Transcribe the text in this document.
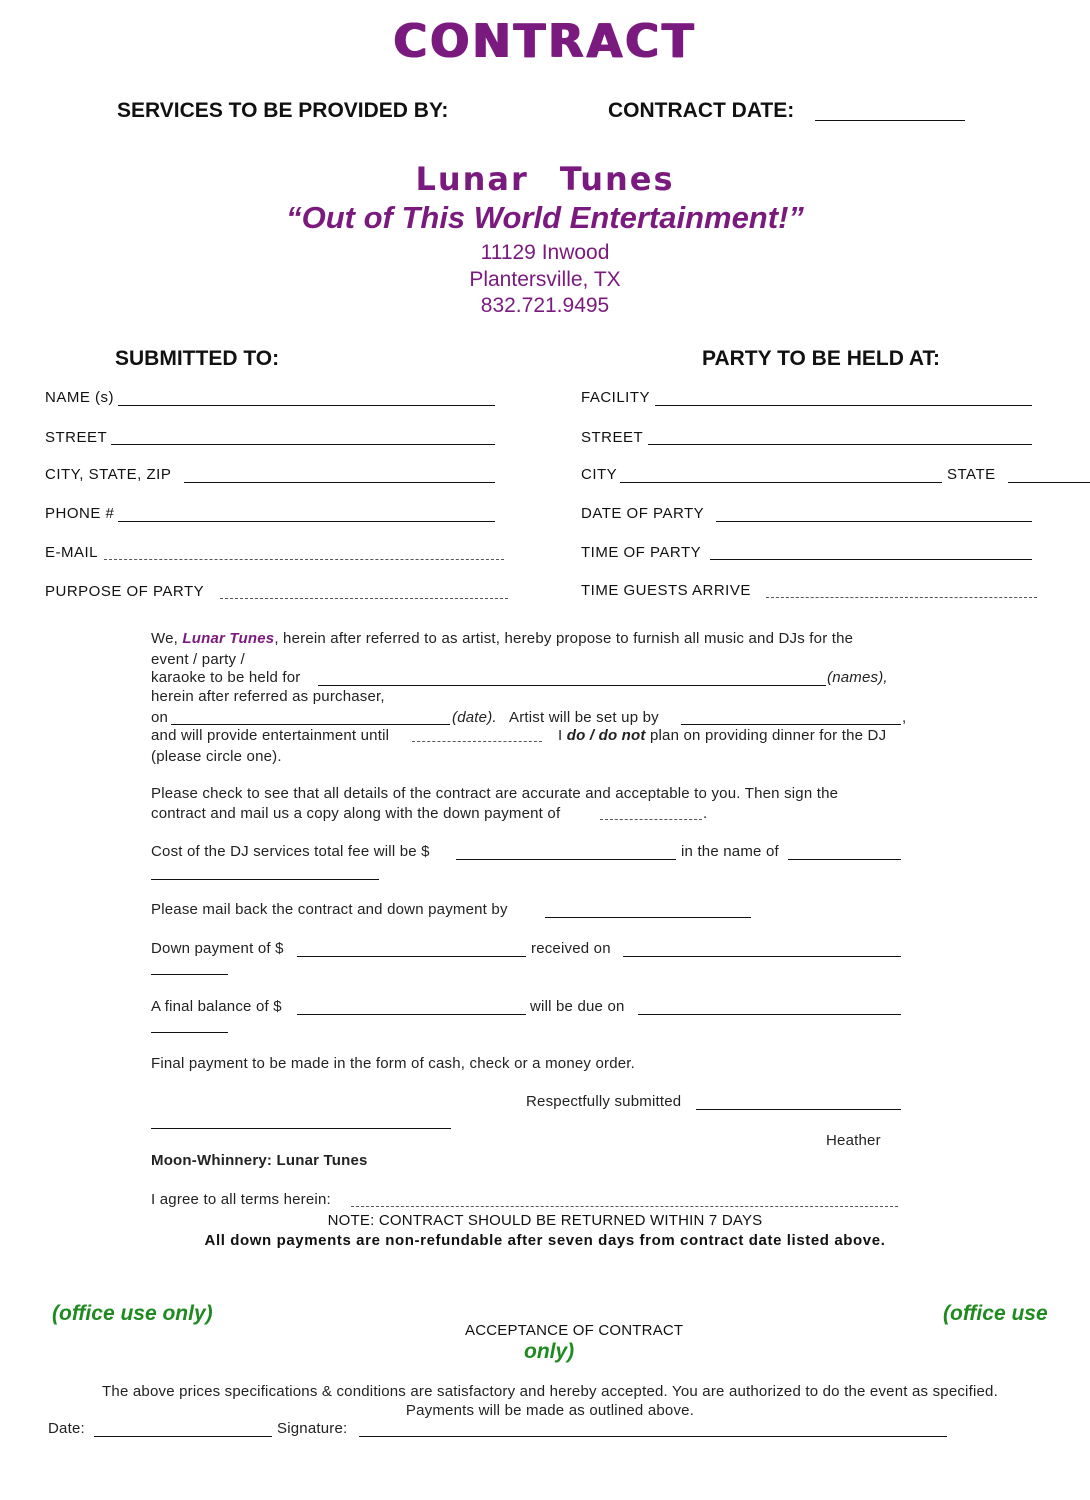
CONTRACT
SERVICES TO BE PROVIDED BY:	CONTRACT DATE:
Lunar Tunes
“Out of This World Entertainment!”
11129 Inwood
Plantersville, TX
832.721.9495
SUBMITTED TO:	PARTY TO BE HELD AT:
NAME (s)
STREET
CITY, STATE, ZIP
PHONE #
E-MAIL
PURPOSE OF PARTY
FACILITY
STREET
CITY	STATE
DATE OF PARTY
TIME OF PARTY
TIME GUESTS ARRIVE
We, Lunar Tunes, herein after referred to as artist, hereby propose to furnish all music and DJs for the
event / party /
karaoke to be held for	(names),
herein after referred as purchaser,
on	(date). Artist will be set up by	,
and will provide entertainment until	I do / do not plan on providing dinner for the DJ
(please circle one).
Please check to see that all details of the contract are accurate and acceptable to you. Then sign the
contract and mail us a copy along with the down payment of	.
Cost of the DJ services total fee will be $	in the name of
Please mail back the contract and down payment by
Down payment of $	received on
A final balance of $	will be due on
Final payment to be made in the form of cash, check or a money order.
Respectfully submitted
Heather
Moon-Whinnery: Lunar Tunes
I agree to all terms herein:
NOTE: CONTRACT SHOULD BE RETURNED WITHIN 7 DAYS
All down payments are non-refundable after seven days from contract date listed above.
(office use only)	(office use
ACCEPTANCE OF CONTRACT
only)
The above prices specifications & conditions are satisfactory and hereby accepted. You are authorized to do the event as specified.
Payments will be made as outlined above.
Date:	Signature:
